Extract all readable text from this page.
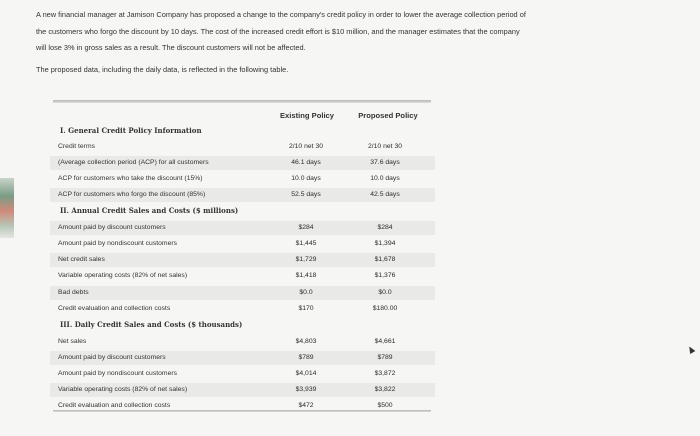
A new financial manager at Jamison Company has proposed a change to the company's credit policy in order to lower the average collection period of

the customers who forgo the discount by 10 days. The cost of the increased credit effort is $10 million, and the manager estimates that the company

will lose 3% in gross sales as a result. The discount customers will not be affected.

The proposed data, including the daily data, is reflected in the following table.

Existing Policy	Proposed Policy
I. General Credit Policy Information
Credit terms	2/10 net 30	2/10 net 30
(Average collection period (ACP) for all customers	46.1 days	37.6 days
ACP for customers who take the discount (15%)	10.0 days	10.0 days
ACP for customers who forgo the discount (85%)	52.5 days	42.5 days
II. Annual Credit Sales and Costs ($ millions)
Amount paid by discount customers	$284	$284
Amount paid by nondiscount customers	$1,445	$1,394
Net credit sales	$1,729	$1,678
Variable operating costs (82% of net sales)	$1,418	$1,376
Bad debts	$0.0	$0.0
Credit evaluation and collection costs	$170	$180.00
III. Daily Credit Sales and Costs ($ thousands)
Net sales	$4,803	$4,661
Amount paid by discount customers	$789	$789
Amount paid by nondiscount customers	$4,014	$3,872
Variable operating costs (82% of net sales)	$3,939	$3,822
Credit evaluation and collection costs	$472	$500
